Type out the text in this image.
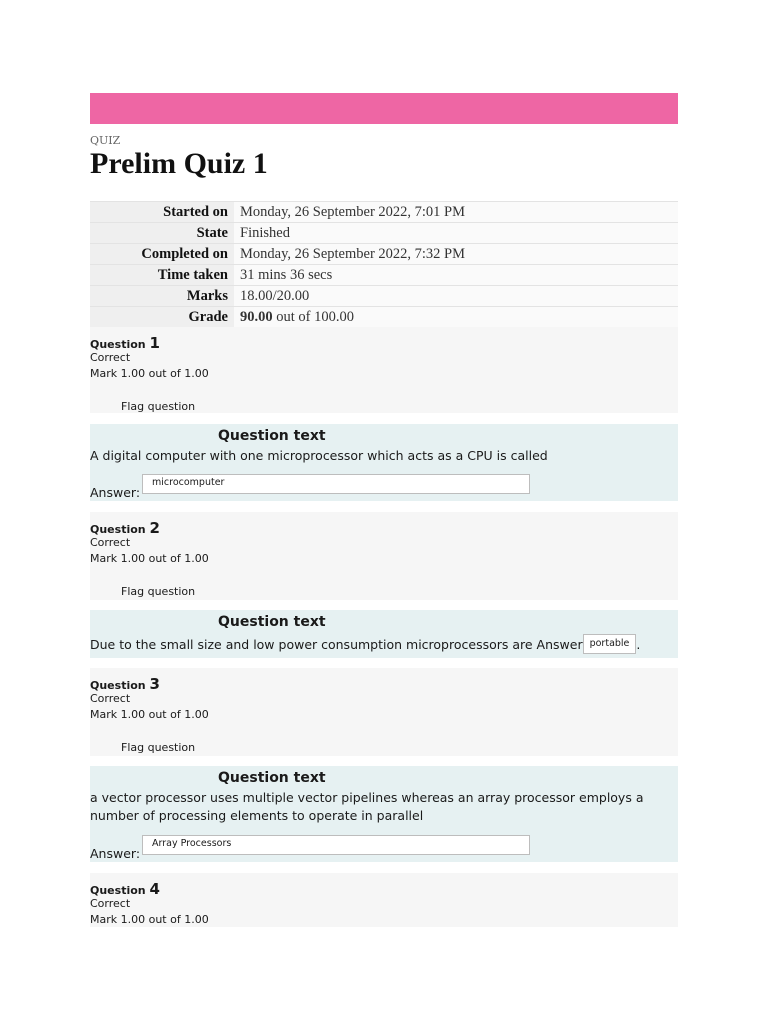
QUIZ
Prelim Quiz 1
Started on	Monday, 26 September 2022, 7:01 PM
State	Finished
Completed on	Monday, 26 September 2022, 7:32 PM
Time taken	31 mins 36 secs
Marks	18.00/20.00
Grade	90.00 out of 100.00
Question 1
Correct
Mark 1.00 out of 1.00
Flag question
Question text
A digital computer with one microprocessor which acts as a CPU is called
Answer:
microcomputer
Question 2
Correct
Mark 1.00 out of 1.00
Flag question
Question text
Due to the small size and low power consumption microprocessors are Answer portable .
Question 3
Correct
Mark 1.00 out of 1.00
Flag question
Question text
a vector processor uses multiple vector pipelines whereas an array processor employs a number of processing elements to operate in parallel
Answer:
Array Processors
Question 4
Correct
Mark 1.00 out of 1.00
